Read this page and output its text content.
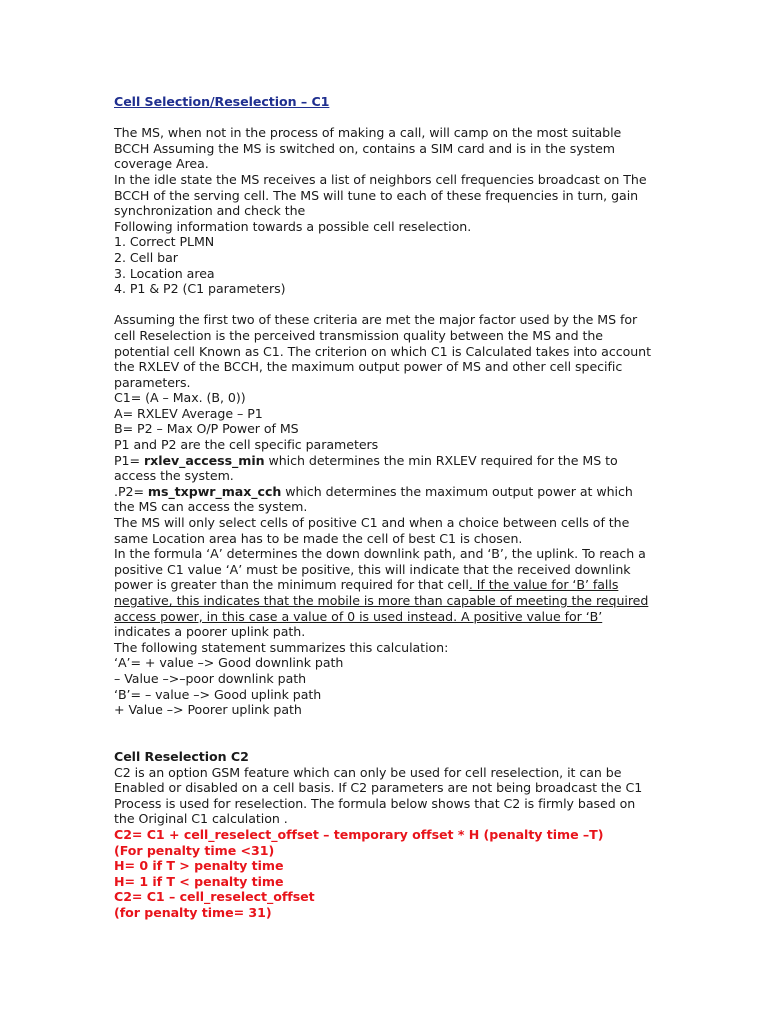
Cell Selection/Reselection – C1
The MS, when not in the process of making a call, will camp on the most suitable
BCCH Assuming the MS is switched on, contains a SIM card and is in the system
coverage Area.
In the idle state the MS receives a list of neighbors cell frequencies broadcast on The
BCCH of the serving cell. The MS will tune to each of these frequencies in turn, gain
synchronization and check the
Following information towards a possible cell reselection.
1. Correct PLMN
2. Cell bar
3. Location area
4. P1 & P2 (C1 parameters)
Assuming the first two of these criteria are met the major factor used by the MS for
cell Reselection is the perceived transmission quality between the MS and the
potential cell Known as C1. The criterion on which C1 is Calculated takes into account
the RXLEV of the BCCH, the maximum output power of MS and other cell specific
parameters.
C1= (A – Max. (B, 0))
A= RXLEV Average – P1
B= P2 – Max O/P Power of MS
P1 and P2 are the cell specific parameters
P1= rxlev_access_min which determines the min RXLEV required for the MS to
access the system.
.P2= ms_txpwr_max_cch which determines the maximum output power at which
the MS can access the system.
The MS will only select cells of positive C1 and when a choice between cells of the
same Location area has to be made the cell of best C1 is chosen.
In the formula ‘A’ determines the down downlink path, and ‘B’, the uplink. To reach a
positive C1 value ‘A’ must be positive, this will indicate that the received downlink
power is greater than the minimum required for that cell. If the value for ‘B’ falls
negative, this indicates that the mobile is more than capable of meeting the required
access power, in this case a value of 0 is used instead. A positive value for ‘B’
indicates a poorer uplink path.
The following statement summarizes this calculation:
‘A’= + value –> Good downlink path
– Value –>–poor downlink path
‘B’= – value –> Good uplink path
+ Value –> Poorer uplink path
Cell Reselection C2
C2 is an option GSM feature which can only be used for cell reselection, it can be
Enabled or disabled on a cell basis. If C2 parameters are not being broadcast the C1
Process is used for reselection. The formula below shows that C2 is firmly based on
the Original C1 calculation .
C2= C1 + cell_reselect_offset – temporary offset * H (penalty time –T)
(For penalty time <31)
H= 0 if T > penalty time
H= 1 if T < penalty time
C2= C1 – cell_reselect_offset
(for penalty time= 31)
